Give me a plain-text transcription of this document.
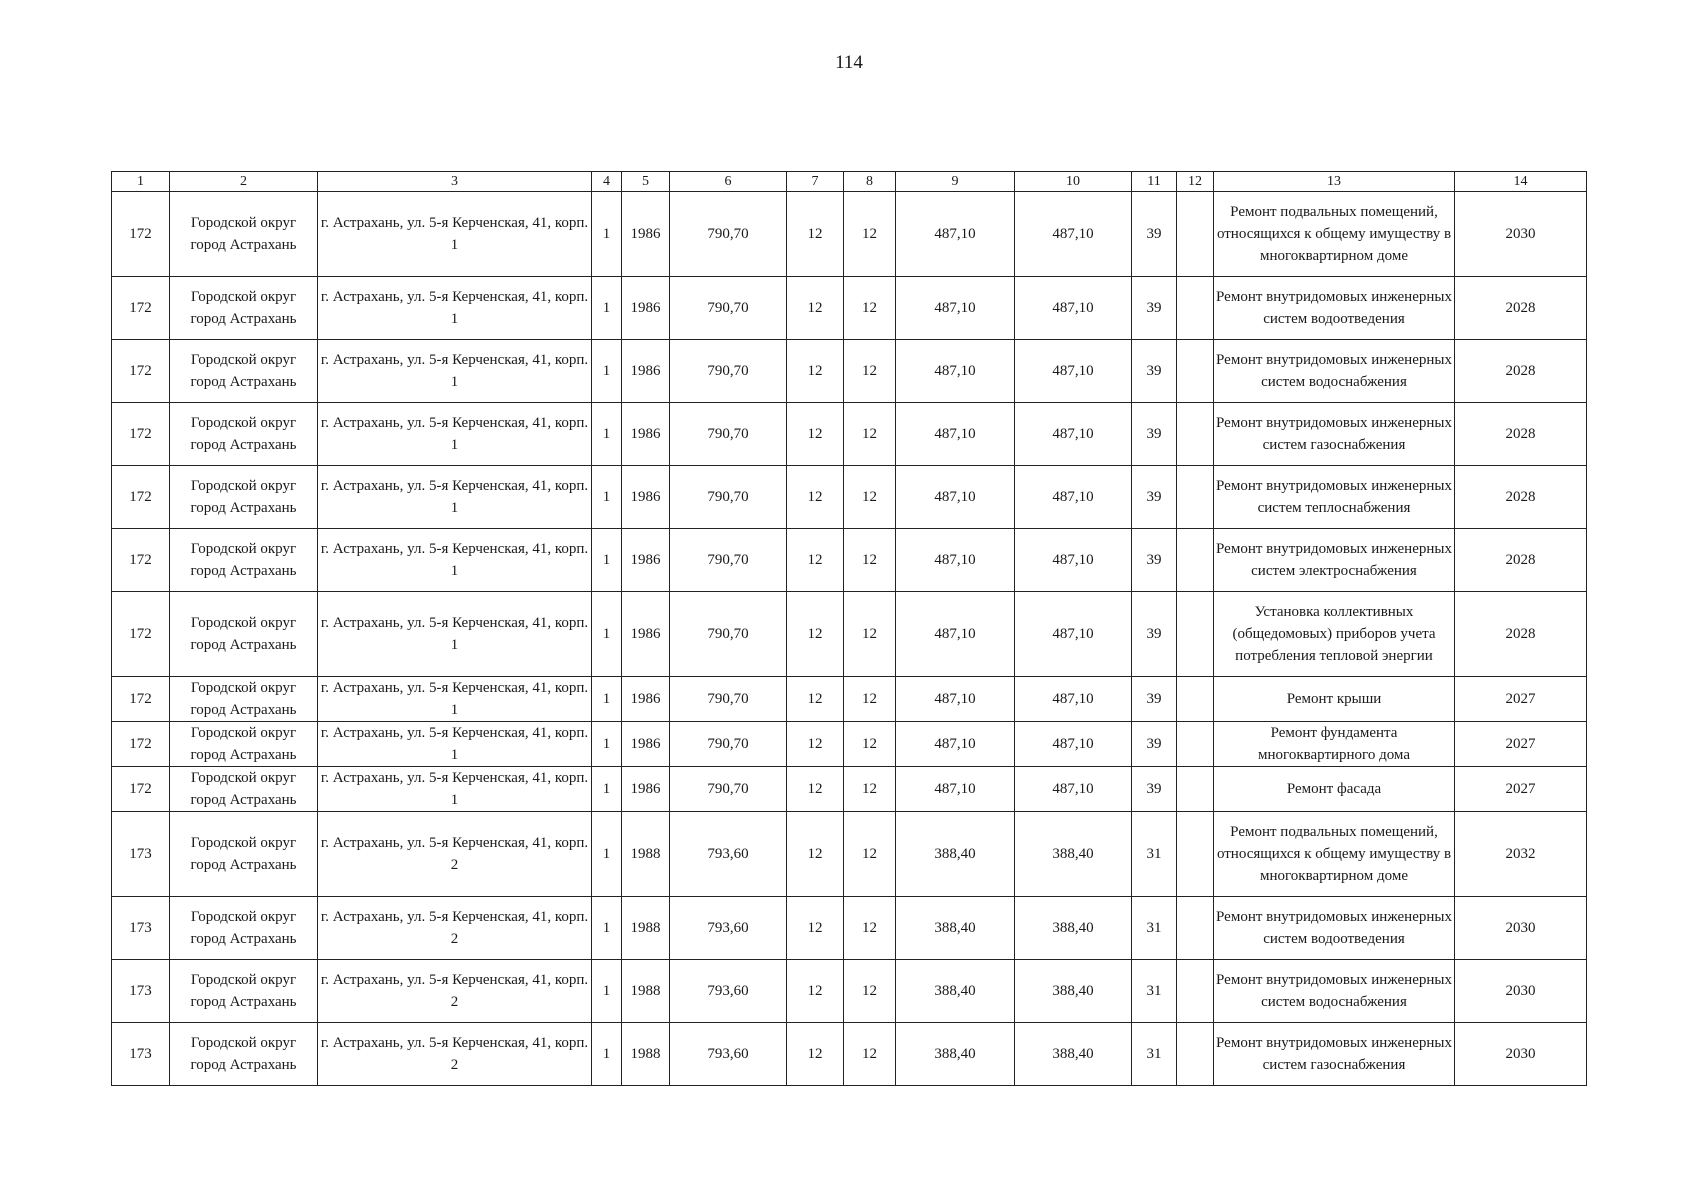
114
1	2	3	4	5	6	7	8	9	10	11	12	13	14
172	Городской округ город Астрахань	г. Астрахань, ул. 5-я Керченская, 41, корп. 1	1	1986	790,70	12	12	487,10	487,10	39		Ремонт подвальных помещений, относящихся к общему имуществу в многоквартирном доме	2030
172	Городской округ город Астрахань	г. Астрахань, ул. 5-я Керченская, 41, корп. 1	1	1986	790,70	12	12	487,10	487,10	39		Ремонт внутридомовых инженерных систем водоотведения	2028
172	Городской округ город Астрахань	г. Астрахань, ул. 5-я Керченская, 41, корп. 1	1	1986	790,70	12	12	487,10	487,10	39		Ремонт внутридомовых инженерных систем водоснабжения	2028
172	Городской округ город Астрахань	г. Астрахань, ул. 5-я Керченская, 41, корп. 1	1	1986	790,70	12	12	487,10	487,10	39		Ремонт внутридомовых инженерных систем газоснабжения	2028
172	Городской округ город Астрахань	г. Астрахань, ул. 5-я Керченская, 41, корп. 1	1	1986	790,70	12	12	487,10	487,10	39		Ремонт внутридомовых инженерных систем теплоснабжения	2028
172	Городской округ город Астрахань	г. Астрахань, ул. 5-я Керченская, 41, корп. 1	1	1986	790,70	12	12	487,10	487,10	39		Ремонт внутридомовых инженерных систем электроснабжения	2028
172	Городской округ город Астрахань	г. Астрахань, ул. 5-я Керченская, 41, корп. 1	1	1986	790,70	12	12	487,10	487,10	39		Установка коллективных (общедомовых) приборов учета потребления тепловой энергии	2028
172	Городской округ город Астрахань	г. Астрахань, ул. 5-я Керченская, 41, корп. 1	1	1986	790,70	12	12	487,10	487,10	39		Ремонт крыши	2027
172	Городской округ город Астрахань	г. Астрахань, ул. 5-я Керченская, 41, корп. 1	1	1986	790,70	12	12	487,10	487,10	39		Ремонт фундамента многоквартирного дома	2027
172	Городской округ город Астрахань	г. Астрахань, ул. 5-я Керченская, 41, корп. 1	1	1986	790,70	12	12	487,10	487,10	39		Ремонт фасада	2027
173	Городской округ город Астрахань	г. Астрахань, ул. 5-я Керченская, 41, корп. 2	1	1988	793,60	12	12	388,40	388,40	31		Ремонт подвальных помещений, относящихся к общему имуществу в многоквартирном доме	2032
173	Городской округ город Астрахань	г. Астрахань, ул. 5-я Керченская, 41, корп. 2	1	1988	793,60	12	12	388,40	388,40	31		Ремонт внутридомовых инженерных систем водоотведения	2030
173	Городской округ город Астрахань	г. Астрахань, ул. 5-я Керченская, 41, корп. 2	1	1988	793,60	12	12	388,40	388,40	31		Ремонт внутридомовых инженерных систем водоснабжения	2030
173	Городской округ город Астрахань	г. Астрахань, ул. 5-я Керченская, 41, корп. 2	1	1988	793,60	12	12	388,40	388,40	31		Ремонт внутридомовых инженерных систем газоснабжения	2030
